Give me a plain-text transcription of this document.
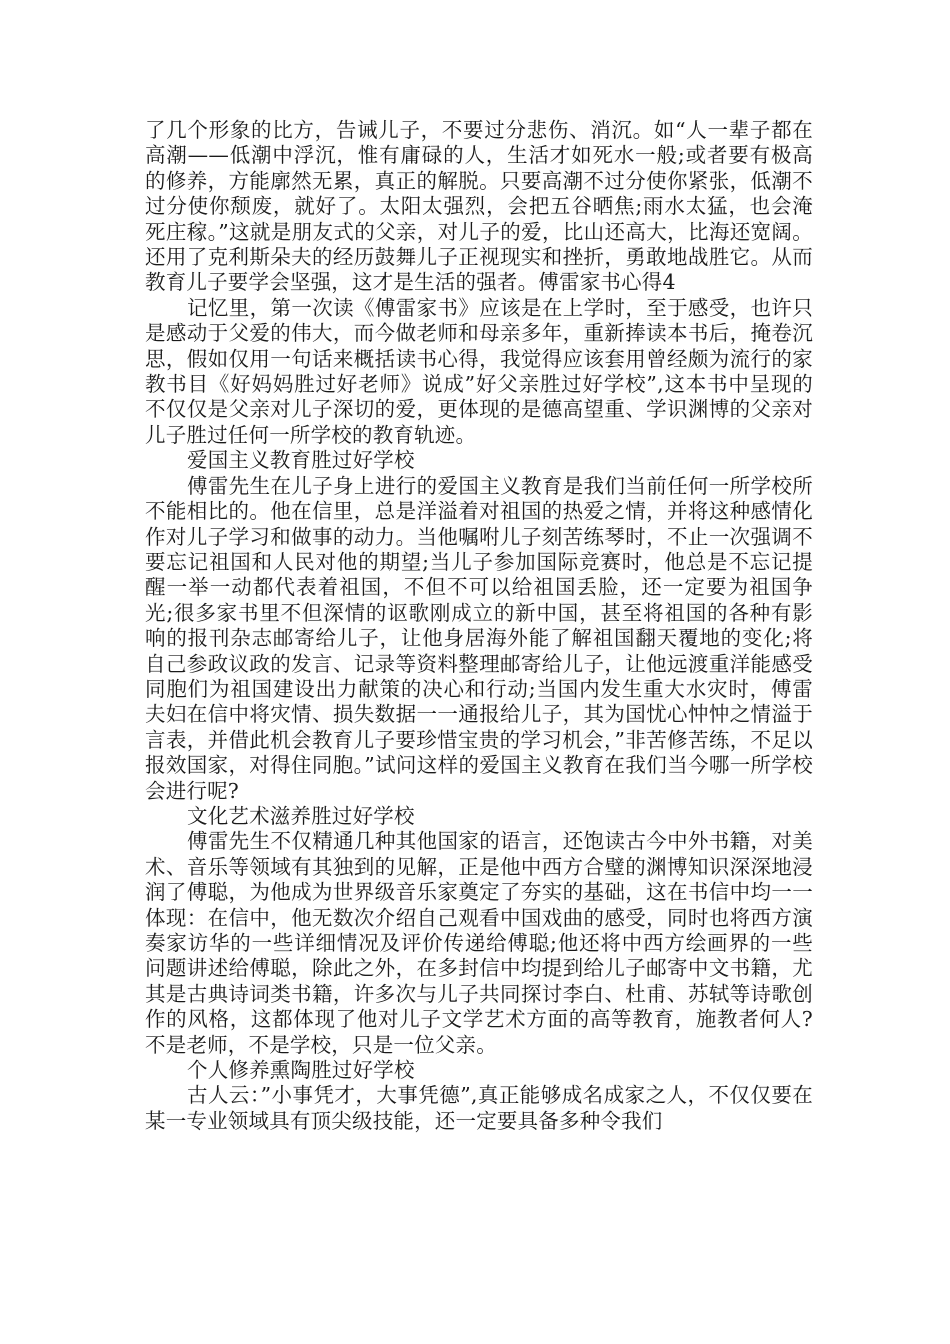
了几个形象的比方，告诫儿子，不要过分悲伤、消沉。如“人一辈子都在高潮——低潮中浮沉，惟有庸碌的人，生活才如死水一般;或者要有极高的修养，方能廓然无累，真正的解脱。只要高潮不过分使你紧张，低潮不过分使你颓废，就好了。太阳太强烈，会把五谷晒焦;雨水太猛，也会淹死庄稼。”这就是朋友式的父亲，对儿子的爱，比山还高大，比海还宽阔。还用了克利斯朵夫的经历鼓舞儿子正视现实和挫折，勇敢地战胜它。从而教育儿子要学会坚强，这才是生活的强者。傅雷家书心得4

记忆里，第一次读《傅雷家书》应该是在上学时，至于感受，也许只是感动于父爱的伟大，而今做老师和母亲多年，重新捧读本书后，掩卷沉思，假如仅用一句话来概括读书心得，我觉得应该套用曾经颇为流行的家教书目《好妈妈胜过好老师》说成”好父亲胜过好学校”,这本书中呈现的不仅仅是父亲对儿子深切的爱，更体现的是德高望重、学识渊博的父亲对儿子胜过任何一所学校的教育轨迹。

爱国主义教育胜过好学校

傅雷先生在儿子身上进行的爱国主义教育是我们当前任何一所学校所不能相比的。他在信里，总是洋溢着对祖国的热爱之情，并将这种感情化作对儿子学习和做事的动力。当他嘱咐儿子刻苦练琴时，不止一次强调不要忘记祖国和人民对他的期望;当儿子参加国际竞赛时，他总是不忘记提醒一举一动都代表着祖国，不但不可以给祖国丢脸，还一定要为祖国争光;很多家书里不但深情的讴歌刚成立的新中国，甚至将祖国的各种有影响的报刊杂志邮寄给儿子，让他身居海外能了解祖国翻天覆地的变化;将自己参政议政的发言、记录等资料整理邮寄给儿子，让他远渡重洋能感受同胞们为祖国建设出力献策的决心和行动;当国内发生重大水灾时，傅雷夫妇在信中将灾情、损失数据一一通报给儿子，其为国忧心忡忡之情溢于言表，并借此机会教育儿子要珍惜宝贵的学习机会，”非苦修苦练，不足以报效国家，对得住同胞。”试问这样的爱国主义教育在我们当今哪一所学校会进行呢?

文化艺术滋养胜过好学校

傅雷先生不仅精通几种其他国家的语言，还饱读古今中外书籍，对美术、音乐等领域有其独到的见解，正是他中西方合璧的渊博知识深深地浸润了傅聪，为他成为世界级音乐家奠定了夯实的基础，这在书信中均一一体现：在信中，他无数次介绍自己观看中国戏曲的感受，同时也将西方演奏家访华的一些详细情况及评价传递给傅聪;他还将中西方绘画界的一些问题讲述给傅聪，除此之外，在多封信中均提到给儿子邮寄中文书籍，尤其是古典诗词类书籍，许多次与儿子共同探讨李白、杜甫、苏轼等诗歌创作的风格，这都体现了他对儿子文学艺术方面的高等教育，施教者何人?不是老师，不是学校，只是一位父亲。

个人修养熏陶胜过好学校

古人云：”小事凭才，大事凭德”,真正能够成名成家之人，不仅仅要在某一专业领域具有顶尖级技能，还一定要具备多种令我们
